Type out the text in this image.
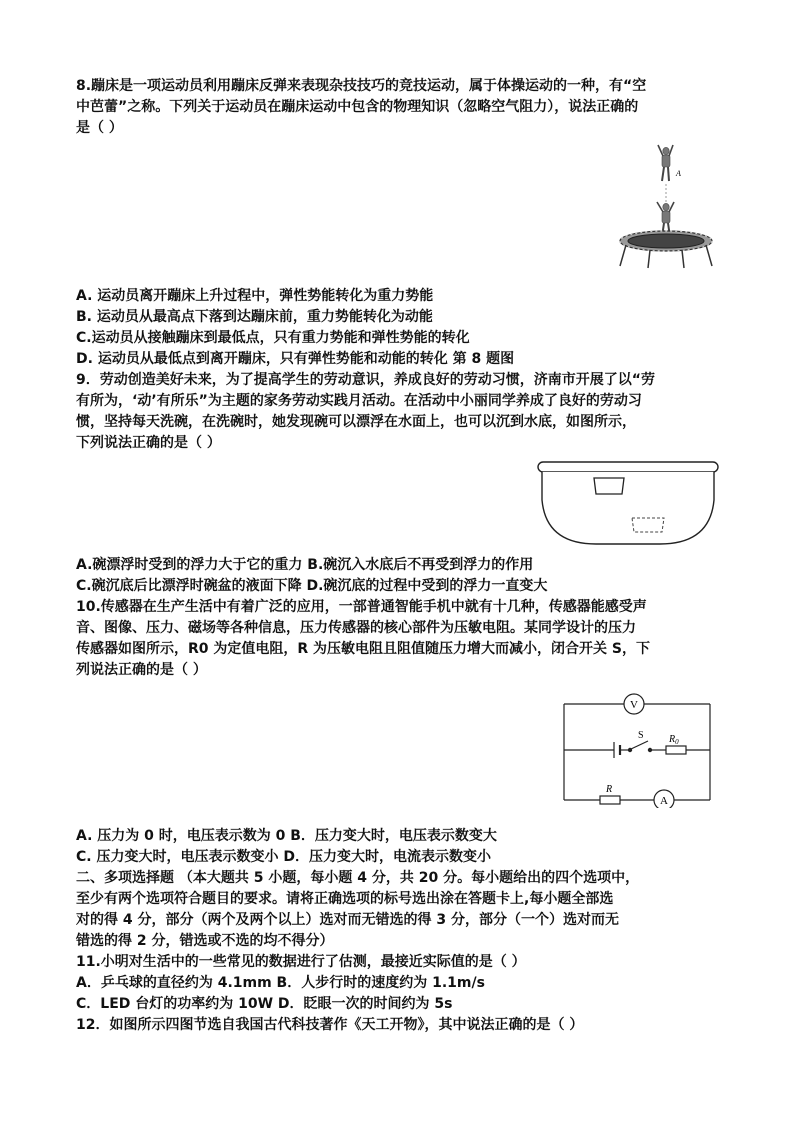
8.蹦床是一项运动员利用蹦床反弹来表现杂技技巧的竞技运动，属于体操运动的一种，有“空
中芭蕾”之称。下列关于运动员在蹦床运动中包含的物理知识（忽略空气阻力），说法正确的
是（ ）
A
A. 运动员离开蹦床上升过程中，弹性势能转化为重力势能
B. 运动员从最高点下落到达蹦床前，重力势能转化为动能
C.运动员从接触蹦床到最低点，只有重力势能和弹性势能的转化
D. 运动员从最低点到离开蹦床，只有弹性势能和动能的转化 第 8 题图
9．劳动创造美好未来，为了提高学生的劳动意识，养成良好的劳动习惯，济南市开展了以“劳
有所为，‘动’有所乐”为主题的家务劳动实践月活动。在活动中小丽同学养成了良好的劳动习
惯，坚持每天洗碗，在洗碗时，她发现碗可以漂浮在水面上，也可以沉到水底，如图所示，
下列说法正确的是（ ）
A.碗漂浮时受到的浮力大于它的重力 B.碗沉入水底后不再受到浮力的作用
C.碗沉底后比漂浮时碗盆的液面下降 D.碗沉底的过程中受到的浮力一直变大
10.传感器在生产生活中有着广泛的应用，一部普通智能手机中就有十几种，传感器能感受声
音、图像、压力、磁场等各种信息，压力传感器的核心部件为压敏电阻。某同学设计的压力
传感器如图所示，R0 为定值电阻，R 为压敏电阻且阻值随压力增大而减小，闭合开关 S，下
列说法正确的是（ ）
V
S	$R_0$
R
A
A. 压力为 0 时，电压表示数为 0 B．压力变大时，电压表示数变大
C. 压力变大时，电压表示数变小 D．压力变大时，电流表示数变小
二、多项选择题 （本大题共 5 小题，每小题 4 分，共 20 分。每小题给出的四个选项中，
至少有两个选项符合题目的要求。请将正确选项的标号选出涂在答题卡上,每小题全部选
对的得 4 分，部分（两个及两个以上）选对而无错选的得 3 分，部分（一个）选对而无
错选的得 2 分，错选或不选的均不得分）
11.小明对生活中的一些常见的数据进行了估测，最接近实际值的是（ ）
A．乒乓球的直径约为 4.1mm B．人步行时的速度约为 1.1m/s
C．LED 台灯的功率约为 10W D．眨眼一次的时间约为 5s
12．如图所示四图节选自我国古代科技著作《天工开物》，其中说法正确的是（ ）
